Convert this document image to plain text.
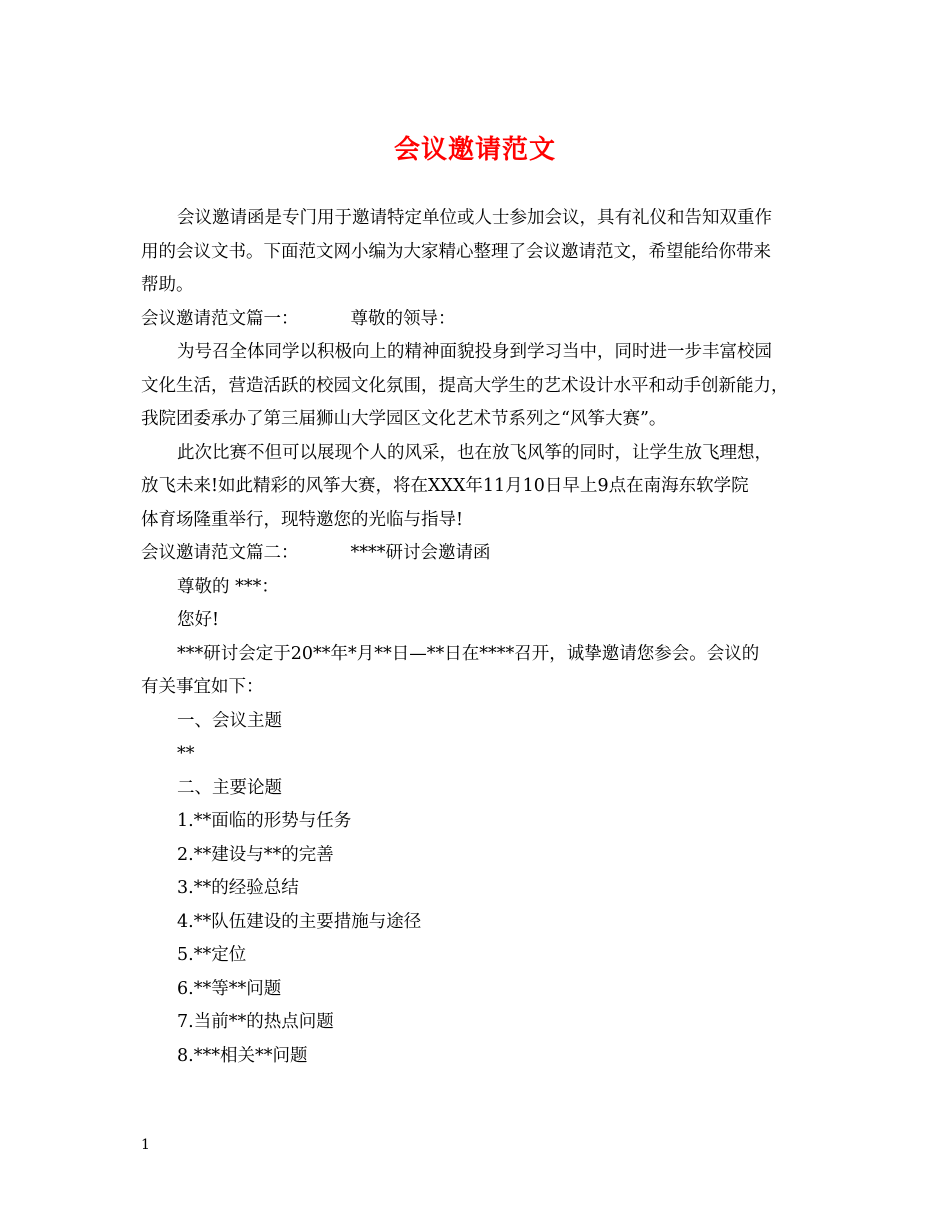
会议邀请范文

会议邀请函是专门用于邀请特定单位或人士参加会议，具有礼仪和告知双重作

用的会议文书。下面范文网小编为大家精心整理了会议邀请范文，希望能给你带来

帮助。

会议邀请范文篇一：	尊敬的领导：

为号召全体同学以积极向上的精神面貌投身到学习当中，同时进一步丰富校园

文化生活，营造活跃的校园文化氛围，提高大学生的艺术设计水平和动手创新能力，

我院团委承办了第三届狮山大学园区文化艺术节系列之“风筝大赛”。

此次比赛不但可以展现个人的风采，也在放飞风筝的同时，让学生放飞理想，

放飞未来!如此精彩的风筝大赛，将在XXX年11月10日早上9点在南海东软学院

体育场隆重举行，现特邀您的光临与指导!

会议邀请范文篇二：	****研讨会邀请函

尊敬的 ***：

您好!

***研讨会定于20**年*月**日—**日在****召开，诚挚邀请您参会。会议的

有关事宜如下：

一、会议主题

**

二、主要论题

1.**面临的形势与任务

2.**建设与**的完善

3.**的经验总结

4.**队伍建设的主要措施与途径

5.**定位

6.**等**问题

7.当前**的热点问题

8.***相关**问题

1
